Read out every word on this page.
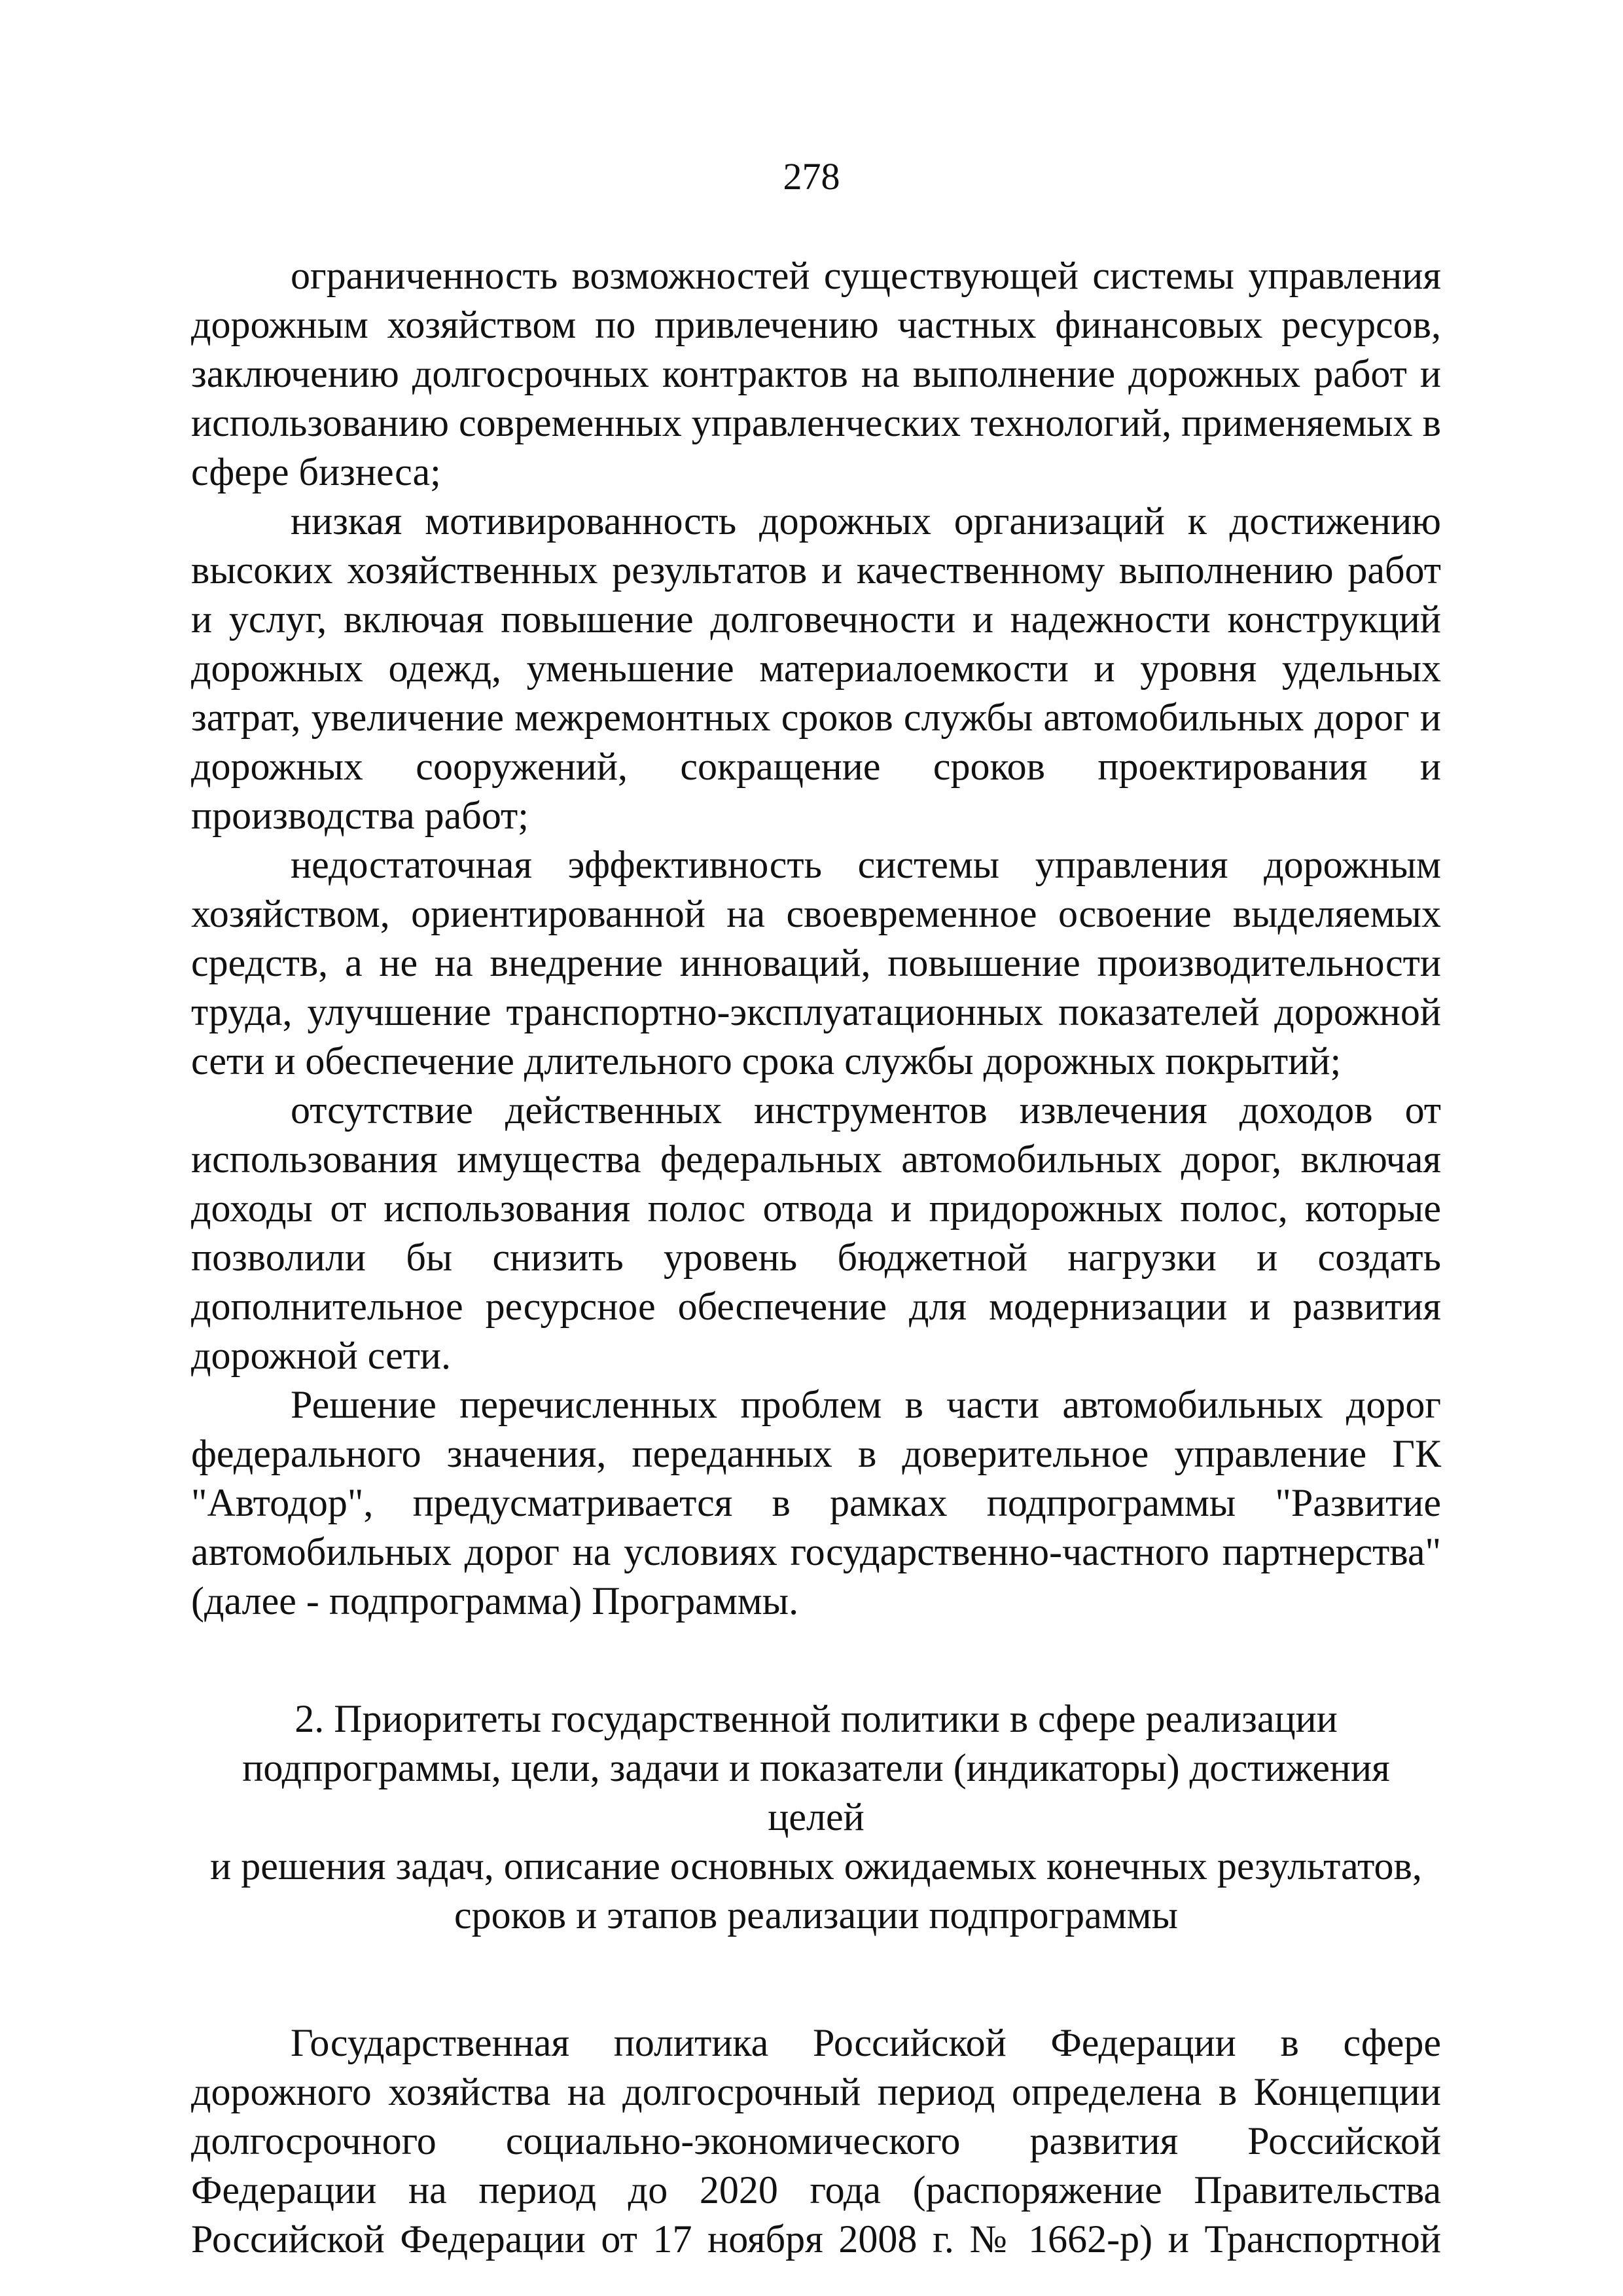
278

ограниченность возможностей существующей системы управления дорожным хозяйством по привлечению частных финансовых ресурсов, заключению долгосрочных контрактов на выполнение дорожных работ и использованию современных управленческих технологий, применяемых в сфере бизнеса;

низкая мотивированность дорожных организаций к достижению высоких хозяйственных результатов и качественному выполнению работ и услуг, включая повышение долговечности и надежности конструкций дорожных одежд, уменьшение материалоемкости и уровня удельных затрат, увеличение межремонтных сроков службы автомобильных дорог и дорожных сооружений, сокращение сроков проектирования и производства работ;

недостаточная эффективность системы управления дорожным хозяйством, ориентированной на своевременное освоение выделяемых средств, а не на внедрение инноваций, повышение производительности труда, улучшение транспортно-эксплуатационных показателей дорожной сети и обеспечение длительного срока службы дорожных покрытий;

отсутствие действенных инструментов извлечения доходов от использования имущества федеральных автомобильных дорог, включая доходы от использования полос отвода и придорожных полос, которые позволили бы снизить уровень бюджетной нагрузки и создать дополнительное ресурсное обеспечение для модернизации и развития дорожной сети.

Решение перечисленных проблем в части автомобильных дорог федерального значения, переданных в доверительное управление ГК "Автодор", предусматривается в рамках подпрограммы "Развитие автомобильных дорог на условиях государственно-частного партнерства" (далее - подпрограмма) Программы.

2. Приоритеты государственной политики в сфере реализации
подпрограммы, цели, задачи и показатели (индикаторы) достижения целей
и решения задач, описание основных ожидаемых конечных результатов,
сроков и этапов реализации подпрограммы

Государственная политика Российской Федерации в сфере дорожного хозяйства на долгосрочный период определена в Концепции долгосрочного социально-экономического развития Российской Федерации на период до 2020 года (распоряжение Правительства Российской Федерации от 17 ноября 2008 г. № 1662-р) и Транспортной
